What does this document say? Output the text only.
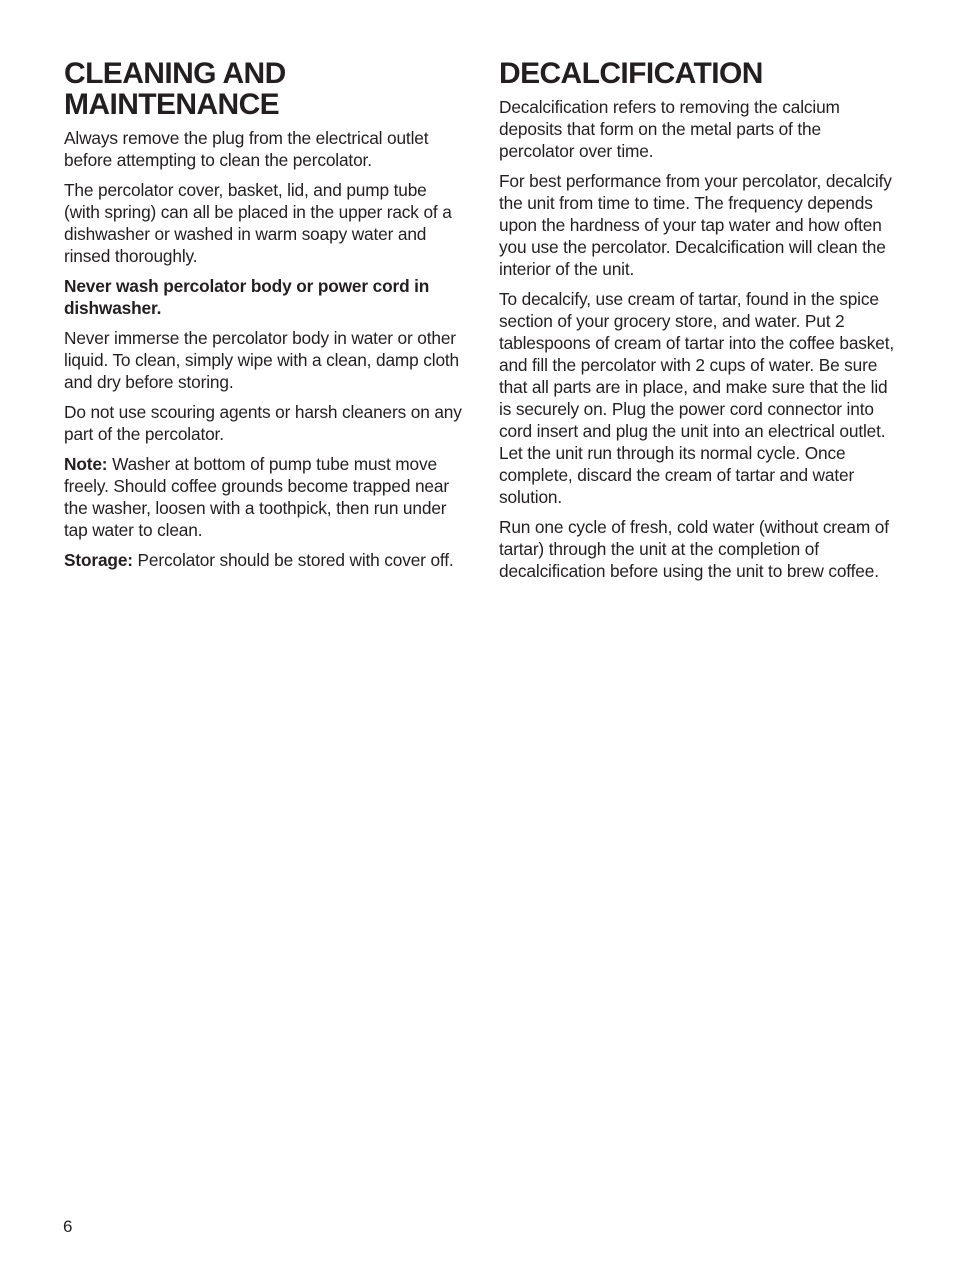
CLEANING AND MAINTENANCE

Always remove the plug from the electrical outlet before attempting to clean the percolator.

The percolator cover, basket, lid, and pump tube (with spring) can all be placed in the upper rack of a dishwasher or washed in warm soapy water and rinsed thoroughly.

Never wash percolator body or power cord in dishwasher.

Never immerse the percolator body in water or other liquid. To clean, simply wipe with a clean, damp cloth and dry before storing.

Do not use scouring agents or harsh cleaners on any part of the percolator.

Note: Washer at bottom of pump tube must move freely. Should coffee grounds become trapped near the washer, loosen with a toothpick, then run under tap water to clean.

Storage: Percolator should be stored with cover off.

DECALCIFICATION

Decalcification refers to removing the calcium deposits that form on the metal parts of the percolator over time.

For best performance from your percolator, decalcify the unit from time to time. The frequency depends upon the hardness of your tap water and how often you use the percolator. Decalcification will clean the interior of the unit.

To decalcify, use cream of tartar, found in the spice section of your grocery store, and water. Put 2 tablespoons of cream of tartar into the coffee basket, and fill the percolator with 2 cups of water. Be sure that all parts are in place, and make sure that the lid is securely on. Plug the power cord connector into cord insert and plug the unit into an electrical outlet. Let the unit run through its normal cycle. Once complete, discard the cream of tartar and water solution.

Run one cycle of fresh, cold water (without cream of tartar) through the unit at the completion of decalcification before using the unit to brew coffee.

6
